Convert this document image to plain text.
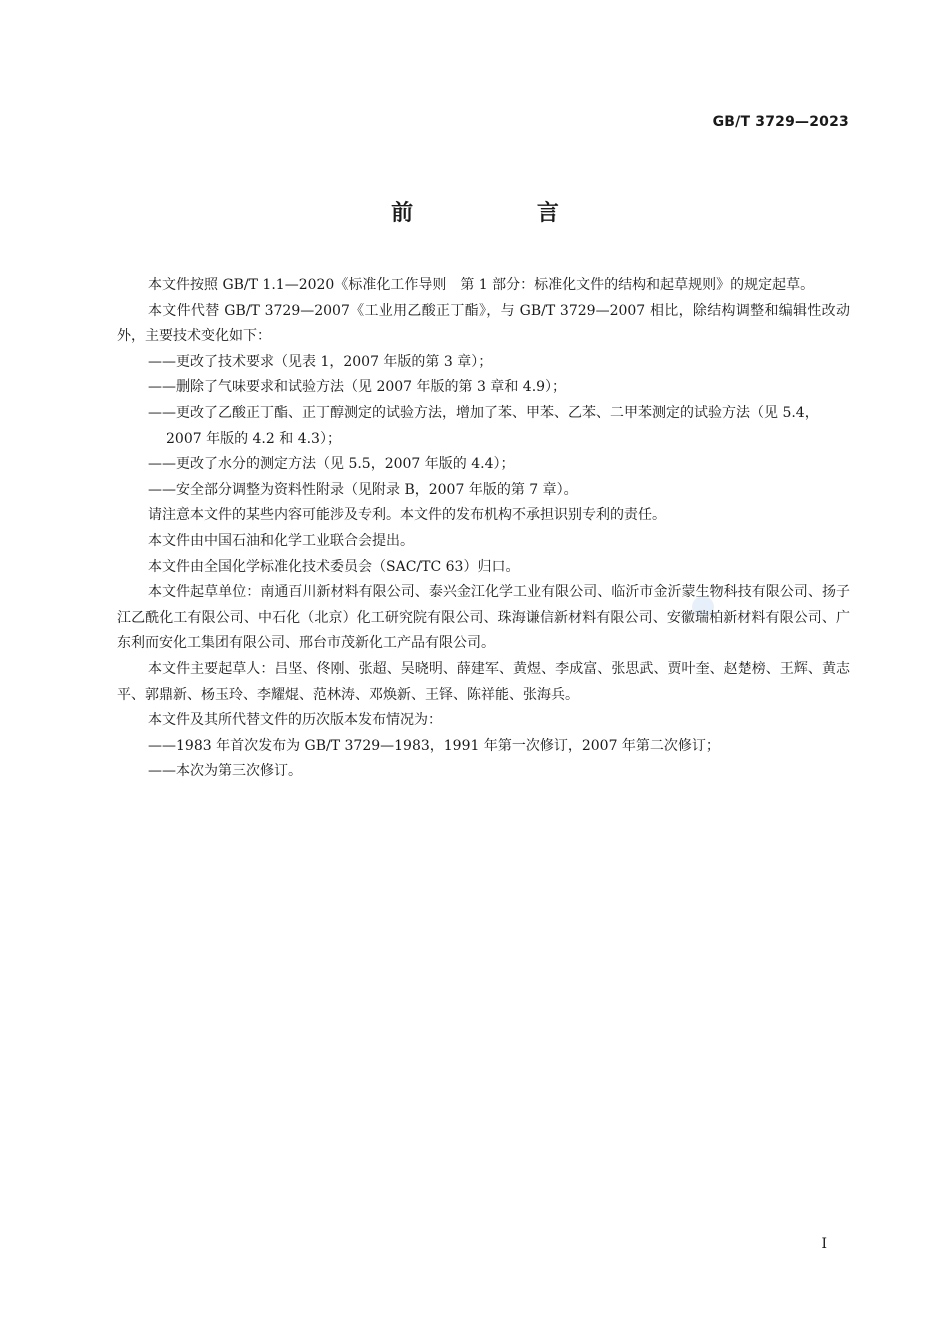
GB/T 3729—2023
前 言

本文件按照 GB/T 1.1—2020《标准化工作导则　第 1 部分：标准化文件的结构和起草规则》的规定起草。

本文件代替 GB/T 3729—2007《工业用乙酸正丁酯》，与 GB/T 3729—2007 相比，除结构调整和编辑性改动外，主要技术变化如下：

——更改了技术要求（见表 1，2007 年版的第 3 章）；

——删除了气味要求和试验方法（见 2007 年版的第 3 章和 4.9）；

——更改了乙酸正丁酯、正丁醇测定的试验方法，增加了苯、甲苯、乙苯、二甲苯测定的试验方法（见 5.4，2007 年版的 4.2 和 4.3）；

——更改了水分的测定方法（见 5.5，2007 年版的 4.4）；

——安全部分调整为资料性附录（见附录 B，2007 年版的第 7 章）。

请注意本文件的某些内容可能涉及专利。本文件的发布机构不承担识别专利的责任。

本文件由中国石油和化学工业联合会提出。

本文件由全国化学标准化技术委员会（SAC/TC 63）归口。

本文件起草单位：南通百川新材料有限公司、泰兴金江化学工业有限公司、临沂市金沂蒙生物科技有限公司、扬子江乙酰化工有限公司、中石化（北京）化工研究院有限公司、珠海谦信新材料有限公司、安徽瑞柏新材料有限公司、广东利而安化工集团有限公司、邢台市茂新化工产品有限公司。

本文件主要起草人：吕坚、佟刚、张超、吴晓明、薛建军、黄煜、李成富、张思武、贾叶奎、赵楚榜、王辉、黄志平、郭鼎新、杨玉玲、李耀焜、范林涛、邓焕新、王铎、陈祥能、张海兵。

本文件及其所代替文件的历次版本发布情况为：

——1983 年首次发布为 GB/T 3729—1983，1991 年第一次修订，2007 年第二次修订；

——本次为第三次修订。

I
